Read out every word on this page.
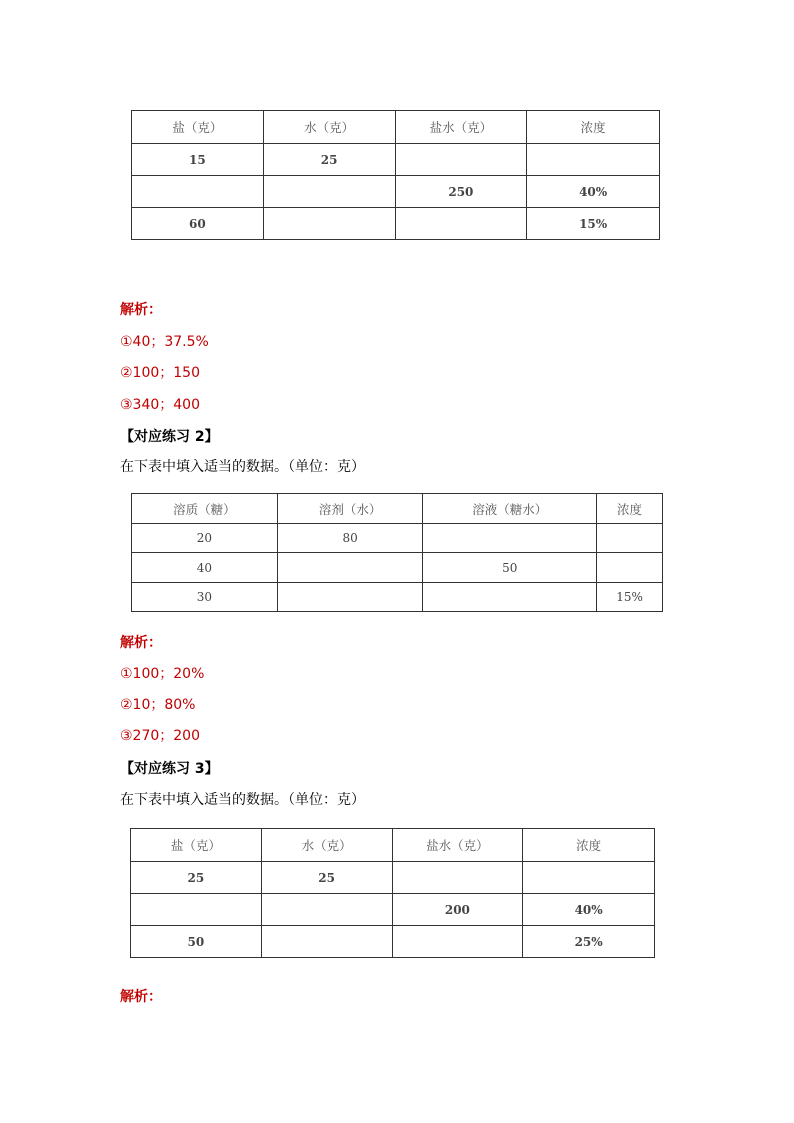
盐（克）	水（克）	盐水（克）	浓度
15	25		
		250	40%
60			15%
解析：
①40；37.5%
②100；150
③340；400
【对应练习 2】
在下表中填入适当的数据。（单位：克）
溶质（糖）	溶剂（水）	溶液（糖水）	浓度
20	80		
40		50	
30			15%
解析：
①100；20%
②10；80%
③270；200
【对应练习 3】
在下表中填入适当的数据。（单位：克）
盐（克）	水（克）	盐水（克）	浓度
25	25		
		200	40%
50			25%
解析：
